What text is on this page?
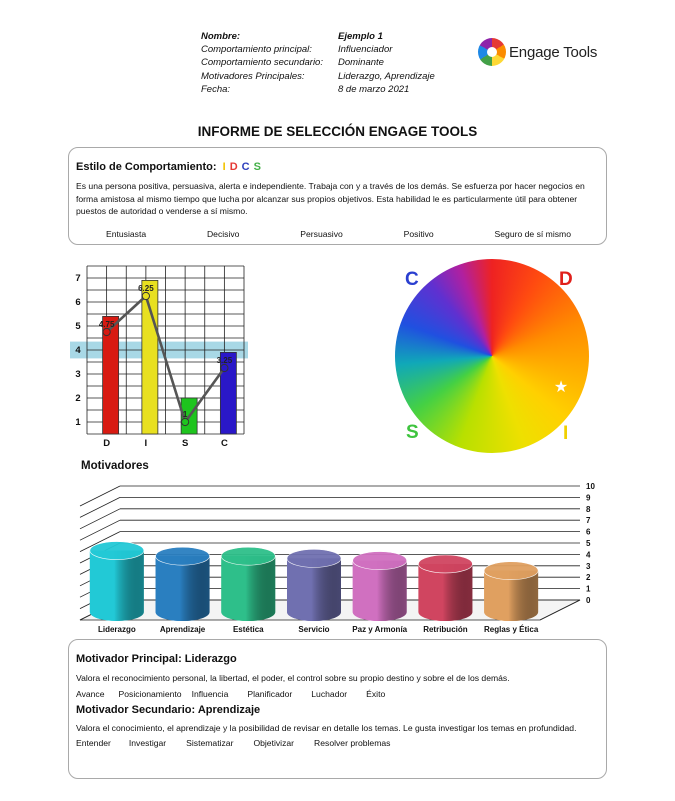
Nombre:	Ejemplo 1
Comportamiento principal:	Influenciador
Comportamiento secundario:	Dominante
Motivadores Principales:	Liderazgo, Aprendizaje
Fecha:	8 de marzo 2021
Engage Tools
INFORME DE SELECCIÓN ENGAGE TOOLS
Estilo de Comportamiento: I D C S

Es una persona positiva, persuasiva, alerta e independiente. Trabaja con y a través de los demás. Se esfuerza por hacer negocios en forma amistosa al mismo tiempo que lucha por alcanzar sus propios objetivos. Esta habilidad le es particularmente útil para obtener puestos de autoridad o venderse a sí mismo.

Entusiasta	Decisivo	Persuasivo	Positivo	Seguro de sí mismo
1
2
3
4
5
6
7
D	I	S	C
4.75
6.25
1
3.25
★
C	D
S	I
Motivadores
0
1
2
3
4
5
6
7
8
9
10
Liderazgo	Aprendizaje	Estética	Servicio	Paz y Armonía Retribución Reglas y Ética
Motivador Principal: Liderazgo

Valora el reconocimiento personal, la libertad, el poder, el control sobre su propio destino y sobre el de los demás.

Avance Posicionamiento Influencia Planificador Luchador Éxito
Motivador Secundario: Aprendizaje

Valora el conocimiento, el aprendizaje y la posibilidad de revisar en detalle los temas. Le gusta investigar los temas en profundidad.

Entender Investigar Sistematizar Objetivizar Resolver problemas
